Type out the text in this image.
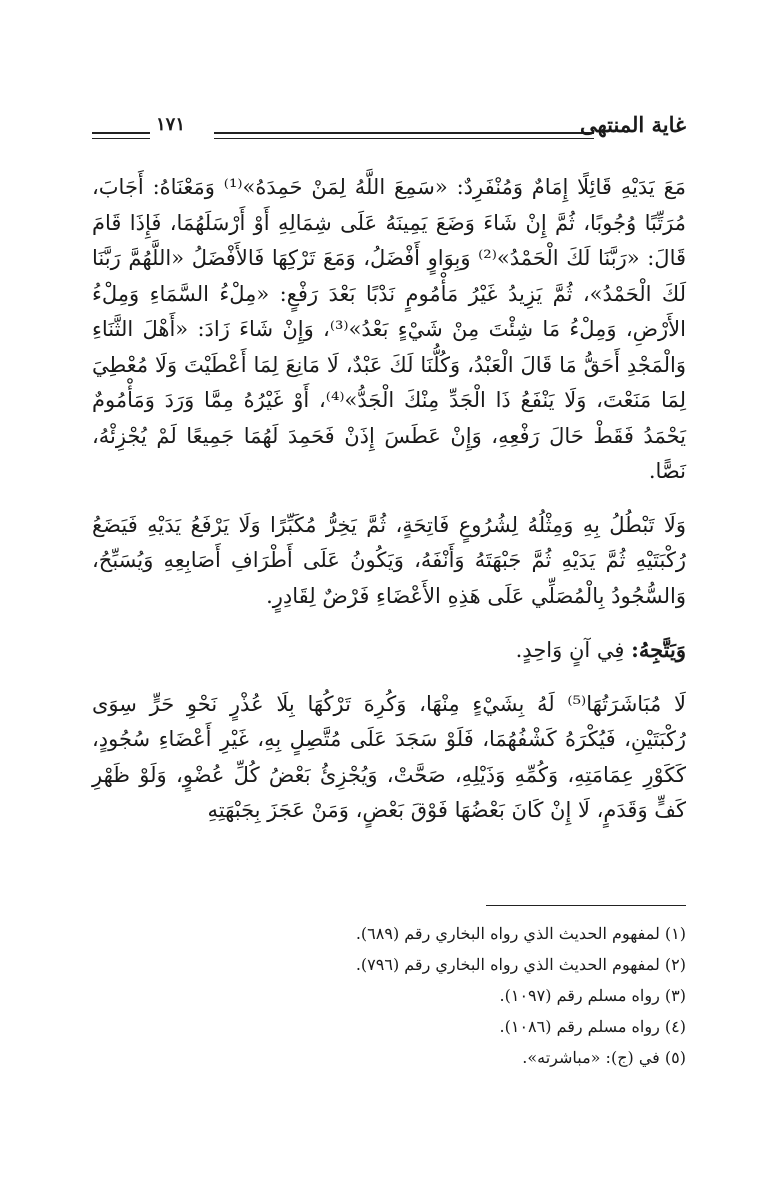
١٧١	غاية المنتهى

مَعَ يَدَيْهِ قَائِلًا إِمَامٌ وَمُنْفَرِدٌ: «سَمِعَ اللَّهُ لِمَنْ حَمِدَهُ»⁽¹⁾ وَمَعْنَاهُ: أَجَابَ، مُرَتِّبًا وُجُوبًا، ثُمَّ إِنْ شَاءَ وَضَعَ يَمِينَهُ عَلَى شِمَالِهِ أَوْ أَرْسَلَهُمَا، فَإِذَا قَامَ قَالَ: «رَبَّنَا لَكَ الْحَمْدُ»⁽²⁾ وَبِوَاوٍ أَفْضَلُ، وَمَعَ تَرْكِهَا فَالأَفْضَلُ «اللَّهُمَّ رَبَّنَا لَكَ الْحَمْدُ»، ثُمَّ يَزِيدُ غَيْرُ مَأْمُومٍ نَدْبًا بَعْدَ رَفْعٍ: «مِلْءُ السَّمَاءِ وَمِلْءُ الأَرْضِ، وَمِلْءُ مَا شِئْتَ مِنْ شَيْءٍ بَعْدُ»⁽³⁾، وَإِنْ شَاءَ زَادَ: «أَهْلَ الثَّنَاءِ وَالْمَجْدِ أَحَقُّ مَا قَالَ الْعَبْدُ، وَكُلُّنَا لَكَ عَبْدٌ، لَا مَانِعَ لِمَا أَعْطَيْتَ وَلَا مُعْطِيَ لِمَا مَنَعْتَ، وَلَا يَنْفَعُ ذَا الْجَدِّ مِنْكَ الْجَدُّ»⁽⁴⁾، أَوْ غَيْرُهُ مِمَّا وَرَدَ وَمَأْمُومٌ يَحْمَدُ فَقَطْ حَالَ رَفْعِهِ، وَإِنْ عَطَسَ إِذَنْ فَحَمِدَ لَهُمَا جَمِيعًا لَمْ يُجْزِئْهُ، نَصًّا.

وَلَا تَبْطُلُ بِهِ وَمِثْلُهُ لِشُرُوعٍ فَاتِحَةٍ، ثُمَّ يَخِرُّ مُكَبِّرًا وَلَا يَرْفَعُ يَدَيْهِ فَيَضَعُ رُكْبَتَيْهِ ثُمَّ يَدَيْهِ ثُمَّ جَبْهَتَهُ وَأَنْفَهُ، وَيَكُونُ عَلَى أَطْرَافِ أَصَابِعِهِ وَيُسَبِّحُ، وَالسُّجُودُ بِالْمُصَلِّي عَلَى هَذِهِ الأَعْضَاءِ فَرْضٌ لِقَادِرٍ.

وَيَتَّجِهُ: فِي آنٍ وَاحِدٍ.

لَا مُبَاشَرَتُهَا⁽⁵⁾ لَهُ بِشَيْءٍ مِنْهَا، وَكُرِهَ تَرْكُهَا بِلَا عُذْرٍ نَحْوِ حَرٍّ سِوَى رُكْبَتَيْنِ، فَيُكْرَهُ كَشْفُهُمَا، فَلَوْ سَجَدَ عَلَى مُتَّصِلٍ بِهِ، غَيْرِ أَعْضَاءِ سُجُودٍ، كَكَوْرِ عِمَامَتِهِ، وَكُمِّهِ وَذَيْلِهِ، صَحَّتْ، وَيُجْزِئُ بَعْضُ كُلِّ عُضْوٍ، وَلَوْ ظَهْرِ كَفٍّ وَقَدَمٍ، لَا إِنْ كَانَ بَعْضُهَا فَوْقَ بَعْضٍ، وَمَنْ عَجَزَ بِجَبْهَتِهِ

(١) لمفهوم الحديث الذي رواه البخاري رقم (٦٨٩).
(٢) لمفهوم الحديث الذي رواه البخاري رقم (٧٩٦).
(٣) رواه مسلم رقم (١٠٩٧).
(٤) رواه مسلم رقم (١٠٨٦).
(٥) في (ج): «مباشرته».
